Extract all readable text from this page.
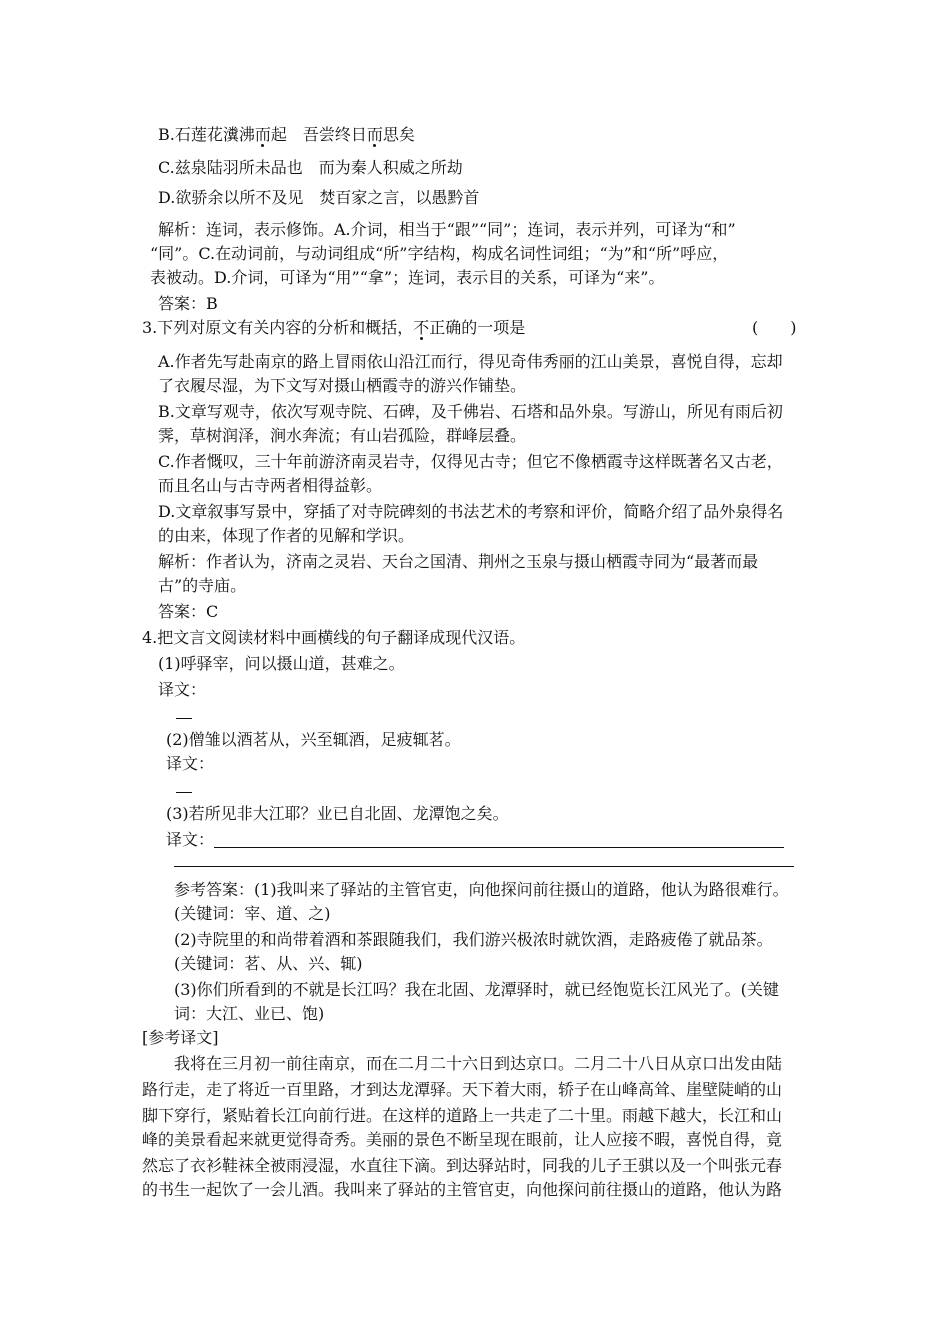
B.石莲花瀵沸而起　吾尝终日而思矣
C.兹泉陆羽所未品也　而为秦人积威之所劫
D.欲骄余以所不及见　焚百家之言，以愚黔首
解析：连词，表示修饰。A.介词，相当于“跟”“同”；连词，表示并列，可译为“和”
“同”。C.在动词前，与动词组成“所”字结构，构成名词性词组；“为”和“所”呼应，
表被动。D.介词，可译为“用”“拿”；连词，表示目的关系，可译为“来”。
答案：B
3.下列对原文有关内容的分析和概括，不正确的一项是	(　　)
A.作者先写赴南京的路上冒雨依山沿江而行，得见奇伟秀丽的江山美景，喜悦自得，忘却
了衣履尽湿，为下文写对摄山栖霞寺的游兴作铺垫。
B.文章写观寺，依次写观寺院、石碑，及千佛岩、石塔和品外泉。写游山，所见有雨后初
霁，草树润泽，涧水奔流；有山岩孤险，群峰层叠。
C.作者慨叹，三十年前游济南灵岩寺，仅得见古寺；但它不像栖霞寺这样既著名又古老，
而且名山与古寺两者相得益彰。
D.文章叙事写景中，穿插了对寺院碑刻的书法艺术的考察和评价，简略介绍了品外泉得名
的由来，体现了作者的见解和学识。
解析：作者认为，济南之灵岩、天台之国清、荆州之玉泉与摄山栖霞寺同为“最著而最
古”的寺庙。
答案：C
4.把文言文阅读材料中画横线的句子翻译成现代汉语。
(1)呼驿宰，问以摄山道，甚难之。
译文：
(2)僧雏以酒茗从，兴至辄酒，足疲辄茗。
译文：
(3)若所见非大江耶？业已自北固、龙潭饱之矣。
译文：
参考答案：(1)我叫来了驿站的主管官吏，向他探问前往摄山的道路，他认为路很难行。
(关键词：宰、道、之)
(2)寺院里的和尚带着酒和茶跟随我们，我们游兴极浓时就饮酒，走路疲倦了就品茶。
(关键词：茗、从、兴、辄)
(3)你们所看到的不就是长江吗？我在北固、龙潭驿时，就已经饱览长江风光了。(关键
词：大江、业已、饱)
[参考译文]
我将在三月初一前往南京，而在二月二十六日到达京口。二月二十八日从京口出发由陆
路行走，走了将近一百里路，才到达龙潭驿。天下着大雨，轿子在山峰高耸、崖壁陡峭的山
脚下穿行，紧贴着长江向前行进。在这样的道路上一共走了二十里。雨越下越大，长江和山
峰的美景看起来就更觉得奇秀。美丽的景色不断呈现在眼前，让人应接不暇，喜悦自得，竟
然忘了衣衫鞋袜全被雨浸湿，水直往下滴。到达驿站时，同我的儿子王骐以及一个叫张元春
的书生一起饮了一会儿酒。我叫来了驿站的主管官吏，向他探问前往摄山的道路，他认为路
